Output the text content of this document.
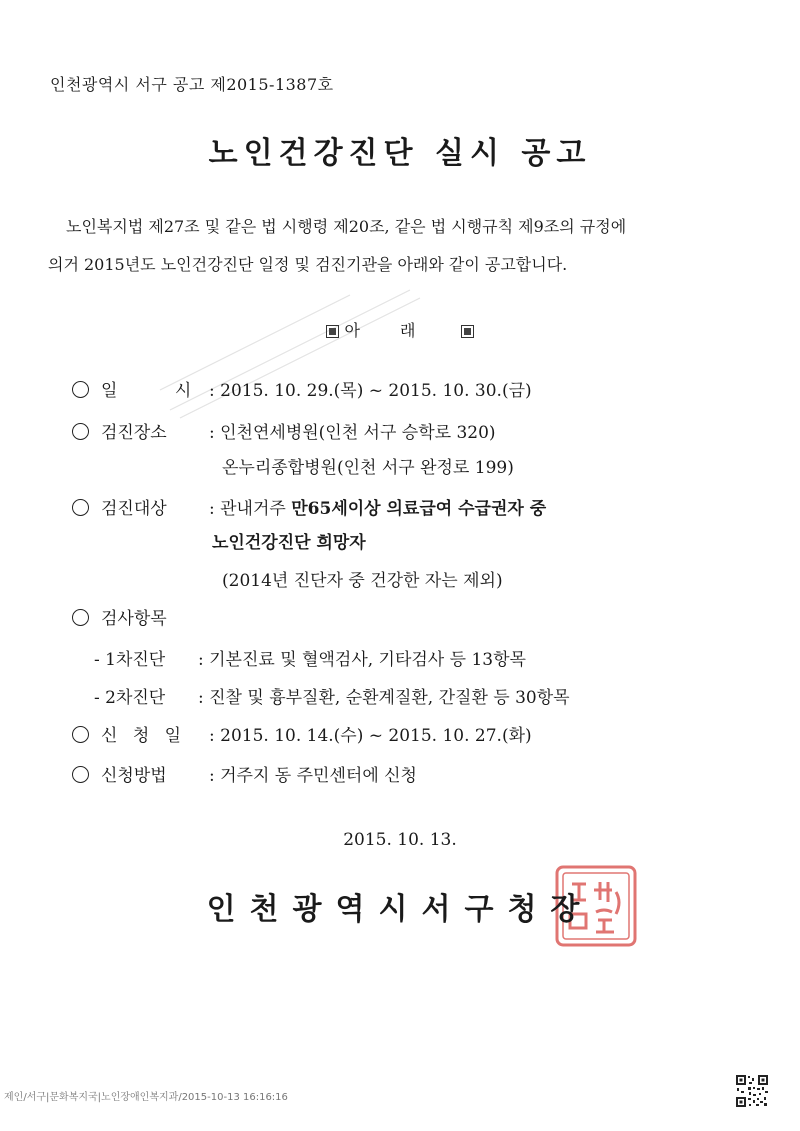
인천광역시 서구 공고 제2015-1387호
노인건강진단 실시 공고

노인복지법 제27조 및 같은 법 시행령 제20조, 같은 법 시행규칙 제9조의 규정에

의거 2015년도 노인건강진단 일정 및 검진기관을 아래와 같이 공고합니다.

아래
일 시: 2015. 10. 29.(목) ~ 2015. 10. 30.(금)
검진장소 : 인천연세병원(인천 서구 승학로 320)
온누리종합병원(인천 서구 완정로 199)
검진대상 : 관내거주 만65세이상 의료급여 수급권자 중
노인건강진단 희망자
(2014년 진단자 중 건강한 자는 제외)
검사항목
- 1차진단 : 기본진료 및 혈액검사, 기타검사 등 13항목
- 2차진단 : 진찰 및 흉부질환, 순환계질환, 간질환 등 30항목
신 청 일 : 2015. 10. 14.(수) ~ 2015. 10. 27.(화)
신청방법 : 거주지 동 주민센터에 신청
2015. 10. 13.
인천광역시서구청장
제인/서구|문화복지국|노인장애인복지과/2015-10-13 16:16:16
